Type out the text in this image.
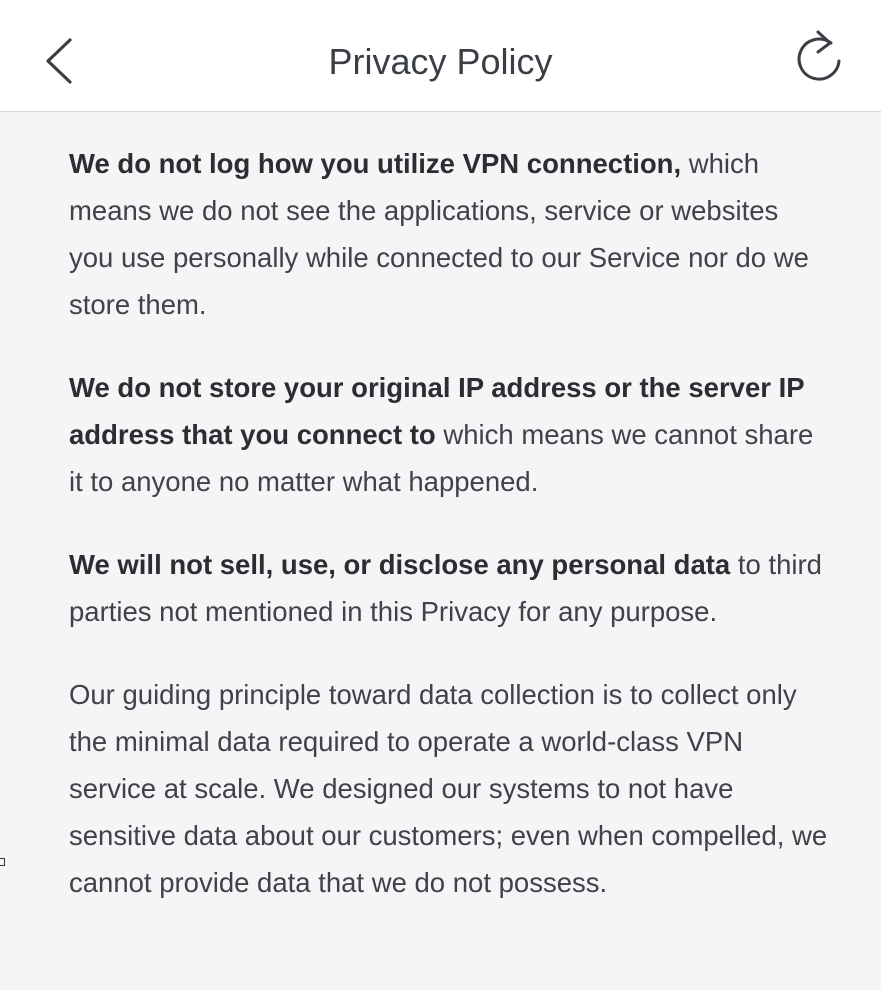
Privacy Policy

We do not log how you utilize VPN connection, which means we do not see the applications, service or websites you use personally while connected to our Service nor do we store them.

We do not store your original IP address or the server IP address that you connect to which means we cannot share it to anyone no matter what happened.

We will not sell, use, or disclose any personal data to third parties not mentioned in this Privacy for any purpose.

Our guiding principle toward data collection is to collect only the minimal data required to operate a world-class VPN service at scale. We designed our systems to not have sensitive data about our customers; even when compelled, we cannot provide data that we do not possess.
